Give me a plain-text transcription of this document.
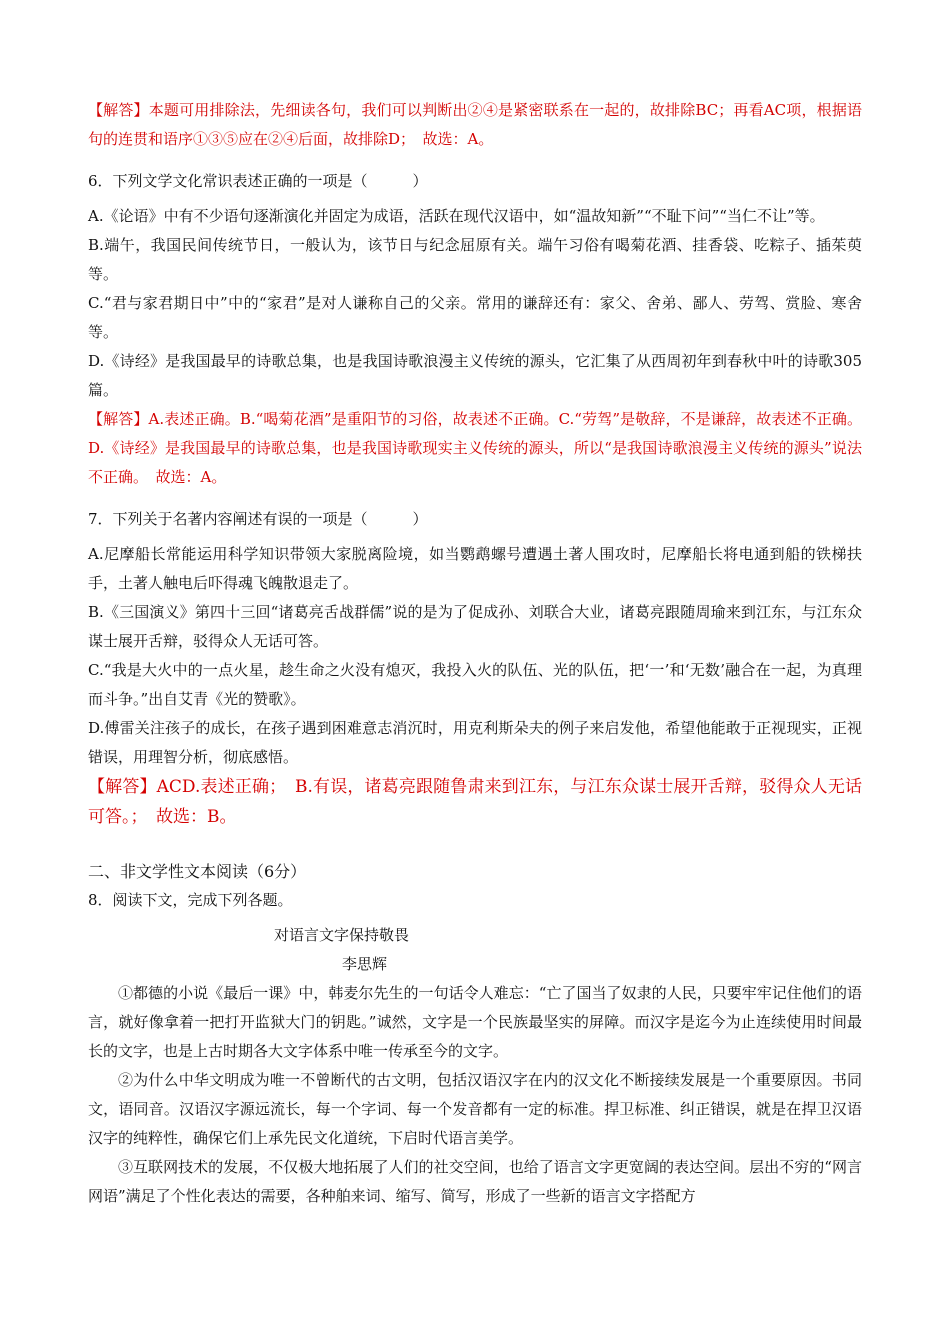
【解答】本题可用排除法，先细读各句，我们可以判断出②④是紧密联系在一起的，故排除BC；再看AC项，根据语句的连贯和语序①③⑤应在②④后面，故排除D；　故选：A。

6．下列文学文化常识表述正确的一项是（　　　）

A.《论语》中有不少语句逐渐演化并固定为成语，活跃在现代汉语中，如“温故知新”“不耻下问”“当仁不让”等。

B.端午，我国民间传统节日，一般认为，该节日与纪念屈原有关。端午习俗有喝菊花酒、挂香袋、吃粽子、插茱萸等。

C.“君与家君期日中”中的“家君”是对人谦称自己的父亲。常用的谦辞还有：家父、舍弟、鄙人、劳驾、赏脸、寒舍等。

D.《诗经》是我国最早的诗歌总集，也是我国诗歌浪漫主义传统的源头，它汇集了从西周初年到春秋中叶的诗歌305篇。

【解答】A.表述正确。B.“喝菊花酒”是重阳节的习俗，故表述不正确。C.“劳驾”是敬辞，不是谦辞，故表述不正确。D.《诗经》是我国最早的诗歌总集，也是我国诗歌现实主义传统的源头，所以“是我国诗歌浪漫主义传统的源头”说法不正确。　故选：A。

7．下列关于名著内容阐述有误的一项是（　　　）

A.尼摩船长常能运用科学知识带领大家脱离险境，如当鹦鹉螺号遭遇土著人围攻时，尼摩船长将电通到船的铁梯扶手，土著人触电后吓得魂飞魄散退走了。

B.《三国演义》第四十三回“诸葛亮舌战群儒”说的是为了促成孙、刘联合大业，诸葛亮跟随周瑜来到江东，与江东众谋士展开舌辩，驳得众人无话可答。

C.“我是大火中的一点火星，趁生命之火没有熄灭，我投入火的队伍、光的队伍，把‘一’和‘无数’融合在一起，为真理而斗争。”出自艾青《光的赞歌》。

D.傅雷关注孩子的成长，在孩子遇到困难意志消沉时，用克利斯朵夫的例子来启发他，希望他能敢于正视现实，正视错误，用理智分析，彻底感悟。

【解答】ACD.表述正确；　B.有误，诸葛亮跟随鲁肃来到江东，与江东众谋士展开舌辩，驳得众人无话可答。；　故选：B。

二、非文学性文本阅读（6分）

8．阅读下文，完成下列各题。

对语言文字保持敬畏

李思辉

①都德的小说《最后一课》中，韩麦尔先生的一句话令人难忘：“亡了国当了奴隶的人民，只要牢牢记住他们的语言，就好像拿着一把打开监狱大门的钥匙。”诚然，文字是一个民族最坚实的屏障。而汉字是迄今为止连续使用时间最长的文字，也是上古时期各大文字体系中唯一传承至今的文字。

②为什么中华文明成为唯一不曾断代的古文明，包括汉语汉字在内的汉文化不断接续发展是一个重要原因。书同文，语同音。汉语汉字源远流长，每一个字词、每一个发音都有一定的标准。捍卫标准、纠正错误，就是在捍卫汉语汉字的纯粹性，确保它们上承先民文化道统，下启时代语言美学。

③互联网技术的发展，不仅极大地拓展了人们的社交空间，也给了语言文字更宽阔的表达空间。层出不穷的“网言网语”满足了个性化表达的需要，各种舶来词、缩写、简写，形成了一些新的语言文字搭配方
